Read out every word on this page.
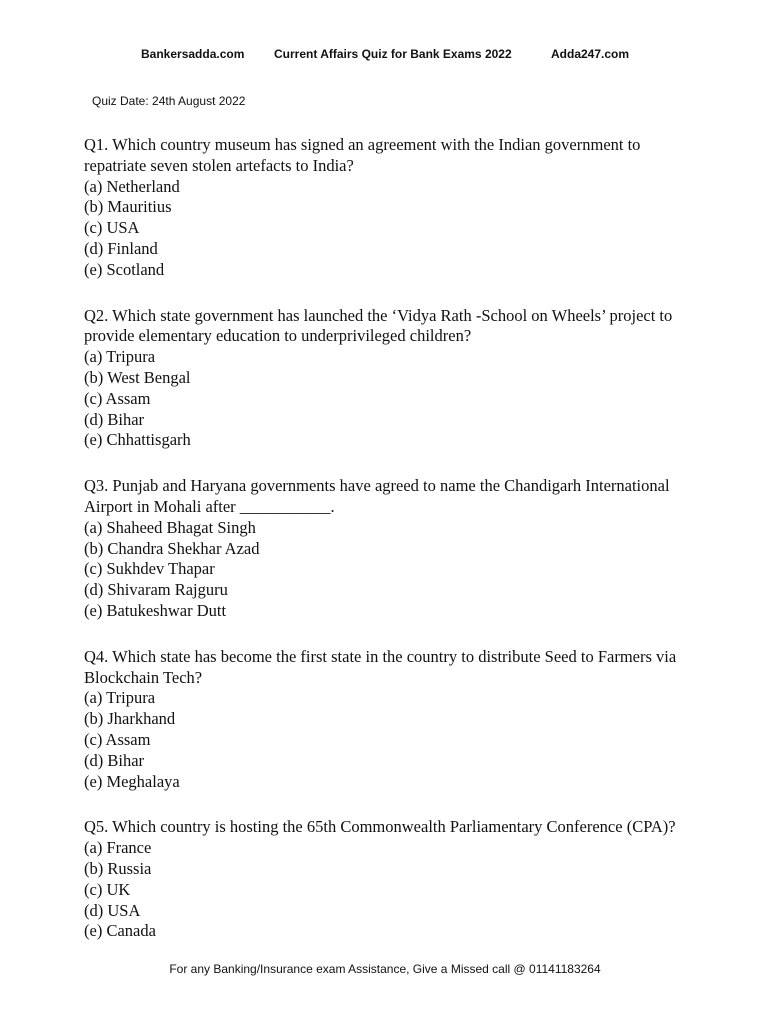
Bankersadda.com Current Affairs Quiz for Bank Exams 2022	Adda247.com
Quiz Date: 24th August 2022

Q1. Which country museum has signed an agreement with the Indian government to repatriate seven stolen artefacts to India?

(a) Netherland
(b) Mauritius
(c) USA
(d) Finland
(e) Scotland

Q2. Which state government has launched the ‘Vidya Rath -School on Wheels’ project to provide elementary education to underprivileged children?

(a) Tripura
(b) West Bengal
(c) Assam
(d) Bihar
(e) Chhattisgarh

Q3. Punjab and Haryana governments have agreed to name the Chandigarh International Airport in Mohali after ___________.

(a) Shaheed Bhagat Singh
(b) Chandra Shekhar Azad
(c) Sukhdev Thapar
(d) Shivaram Rajguru
(e) Batukeshwar Dutt

Q4. Which state has become the first state in the country to distribute Seed to Farmers via Blockchain Tech?

(a) Tripura
(b) Jharkhand
(c) Assam
(d) Bihar
(e) Meghalaya

Q5. Which country is hosting the 65th Commonwealth Parliamentary Conference (CPA)?

(a) France
(b) Russia
(c) UK
(d) USA
(e) Canada
For any Banking/Insurance exam Assistance, Give a Missed call @ 01141183264
